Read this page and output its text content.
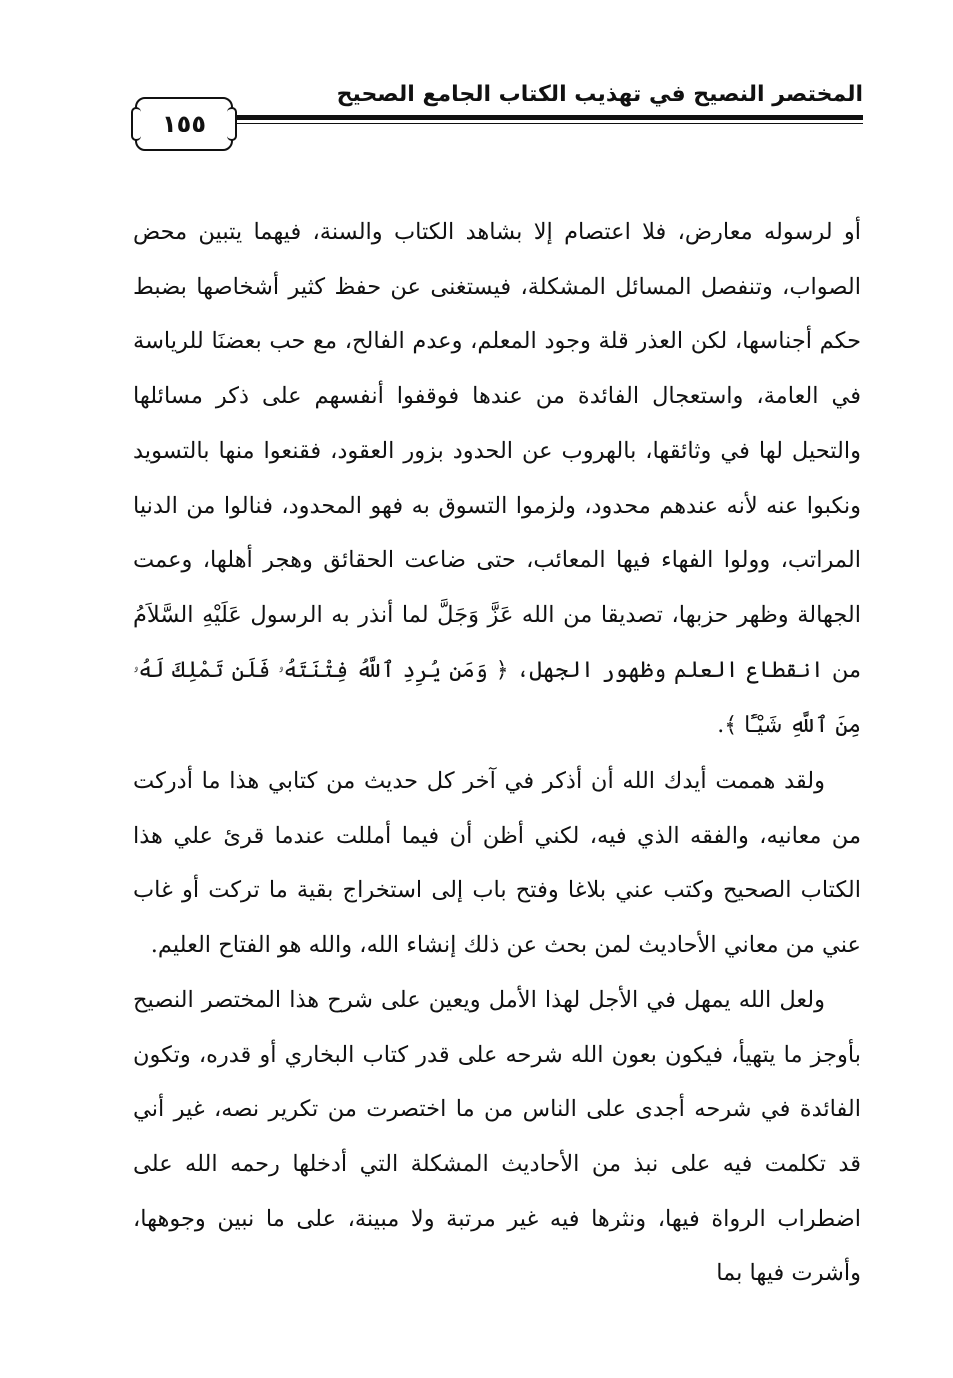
المختصر النصيح في تهذيب الكتاب الجامع الصحيح
١٥٥

أو لرسوله معارض، فلا اعتصام إلا بشاهد الكتاب والسنة، فيهما يتبين محض الصواب، وتنفصل المسائل المشكلة، فيستغنى عن حفظ كثير أشخاصها بضبط حكم أجناسها، لكن العذر قلة وجود المعلم، وعدم الفالح، مع حب بعضنَا للرياسة في العامة، واستعجال الفائدة من عندها فوقفوا أنفسهم على ذكر مسائلها والتحيل لها في وثائقها، بالهروب عن الحدود بزور العقود، فقنعوا منها بالتسويد ونكبوا عنه لأنه عندهم محدود، ولزموا التسوق به فهو المحدود، فنالوا من الدنيا المراتب، وولوا الفهاء فيها المعائب، حتى ضاعت الحقائق وهجر أهلها، وعمت الجهالة وظهر حزبها، تصديقا من الله عَزَّ وَجَلَّ لما أنذر به الرسول عَلَيْهِ السَّلاَمُ من انقطاع العلم وظهور الجهل، ﴿ وَمَن يُرِدِ ٱللَّهُ فِتْنَتَهُۥ فَلَن تَمْلِكَ لَهُۥ مِنَ ٱللَّهِ شَيْـًٔا ﴾.

ولقد هممت أيدك الله أن أذكر في آخر كل حديث من كتابي هذا ما أدركت من معانيه، والفقه الذي فيه، لكني أظن أن فيما أمللت عندما قرئ علي هذا الكتاب الصحيح وكتب عني بلاغا وفتح باب إلى استخراج بقية ما تركت أو غاب عني من معاني الأحاديث لمن بحث عن ذلك إنشاء الله، والله هو الفتاح العليم.

ولعل الله يمهل في الأجل لهذا الأمل ويعين على شرح هذا المختصر النصيح بأوجز ما يتهيأ، فيكون بعون الله شرحه على قدر كتاب البخاري أو قدره، وتكون الفائدة في شرحه أجدى على الناس من ما اختصرت من تكرير نصه، غير أني قد تكلمت فيه على نبذ من الأحاديث المشكلة التي أدخلها رحمه الله على اضطراب الرواة فيها، ونثرها فيه غير مرتبة ولا مبينة، على ما نبين وجوهها، وأشرت فيها بما
